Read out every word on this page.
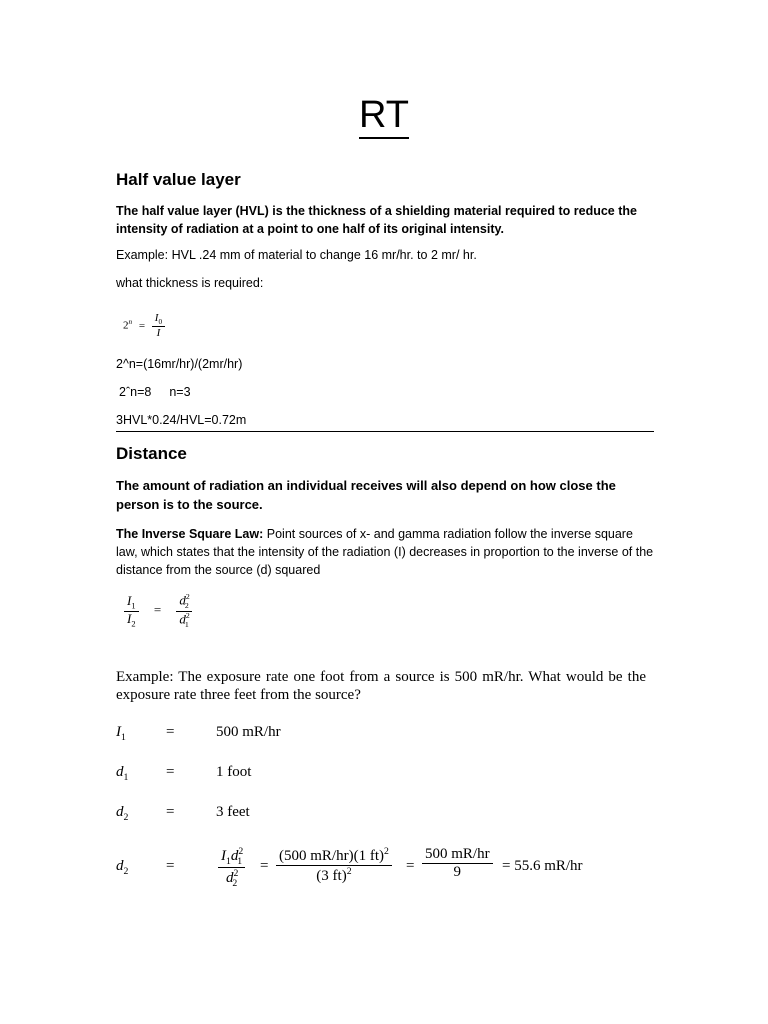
RT
Half value layer
The half value layer (HVL) is the thickness of a shielding material required to reduce the intensity of radiation at a point to one half of its original intensity.
Example: HVL .24 mm of material to change 16 mr/hr. to 2 mr/ hr.
what thickness is required:
$2^n = \frac{I_0}{I}$
2^n=(16mr/hr)/(2mr/hr)
2ˆn=8 n=3
3HVL*0.24/HVL=0.72m
Distance
The amount of radiation an individual receives will also depend on how close the person is to the source.
The Inverse Square Law: Point sources of x- and gamma radiation follow the inverse square law, which states that the intensity of the radiation (I) decreases in proportion to the inverse of the distance from the source (d) squared
$\frac{I_1}{I_2} = \frac{d^2_2}{d^2_1}$
Example: The exposure rate one foot from a source is 500 mR/hr. What would be the exposure rate three feet from the source?
$I_1$	=	500 mR/hr
$d_1$	=	1 foot
$d_2$	=	3 feet
$d_2$	=	$\frac{I_1d^2_1}{d^2_2} = \frac{(500 mR/hr)(1 ft)^2}{(3 ft)^2} = \frac{500 mR/hr}{9} = 55.6$ mR/hr
